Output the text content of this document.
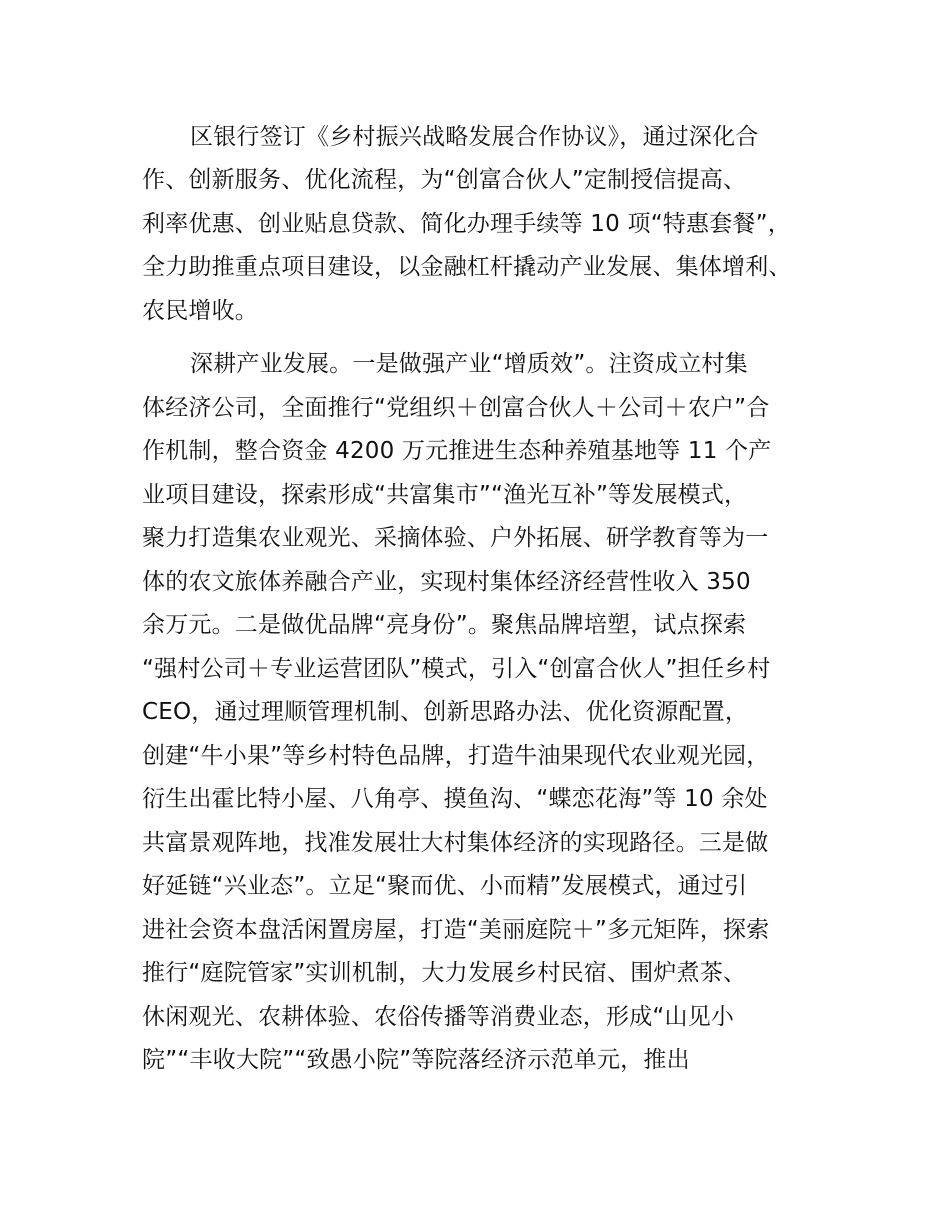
区银行签订《乡村振兴战略发展合作协议》，通过深化合
作、创新服务、优化流程，为“创富合伙人”定制授信提高、
利率优惠、创业贴息贷款、简化办理手续等 10 项“特惠套餐”，
全力助推重点项目建设，以金融杠杆撬动产业发展、集体增利、
农民增收。
深耕产业发展。一是做强产业“增质效”。注资成立村集
体经济公司，全面推行“党组织＋创富合伙人＋公司＋农户”合
作机制，整合资金 4200 万元推进生态种养殖基地等 11 个产
业项目建设，探索形成“共富集市”“渔光互补”等发展模式，
聚力打造集农业观光、采摘体验、户外拓展、研学教育等为一
体的农文旅体养融合产业，实现村集体经济经营性收入 350
余万元。二是做优品牌“亮身份”。聚焦品牌培塑，试点探索
“强村公司＋专业运营团队”模式，引入“创富合伙人”担任乡村
CEO，通过理顺管理机制、创新思路办法、优化资源配置，
创建“牛小果”等乡村特色品牌，打造牛油果现代农业观光园，
衍生出霍比特小屋、八角亭、摸鱼沟、“蝶恋花海”等 10 余处
共富景观阵地，找准发展壮大村集体经济的实现路径。三是做
好延链“兴业态”。立足“聚而优、小而精”发展模式，通过引
进社会资本盘活闲置房屋，打造“美丽庭院＋”多元矩阵，探索
推行“庭院管家”实训机制，大力发展乡村民宿、围炉煮茶、
休闲观光、农耕体验、农俗传播等消费业态，形成“山见小
院”“丰收大院”“致愚小院”等院落经济示范单元，推出
